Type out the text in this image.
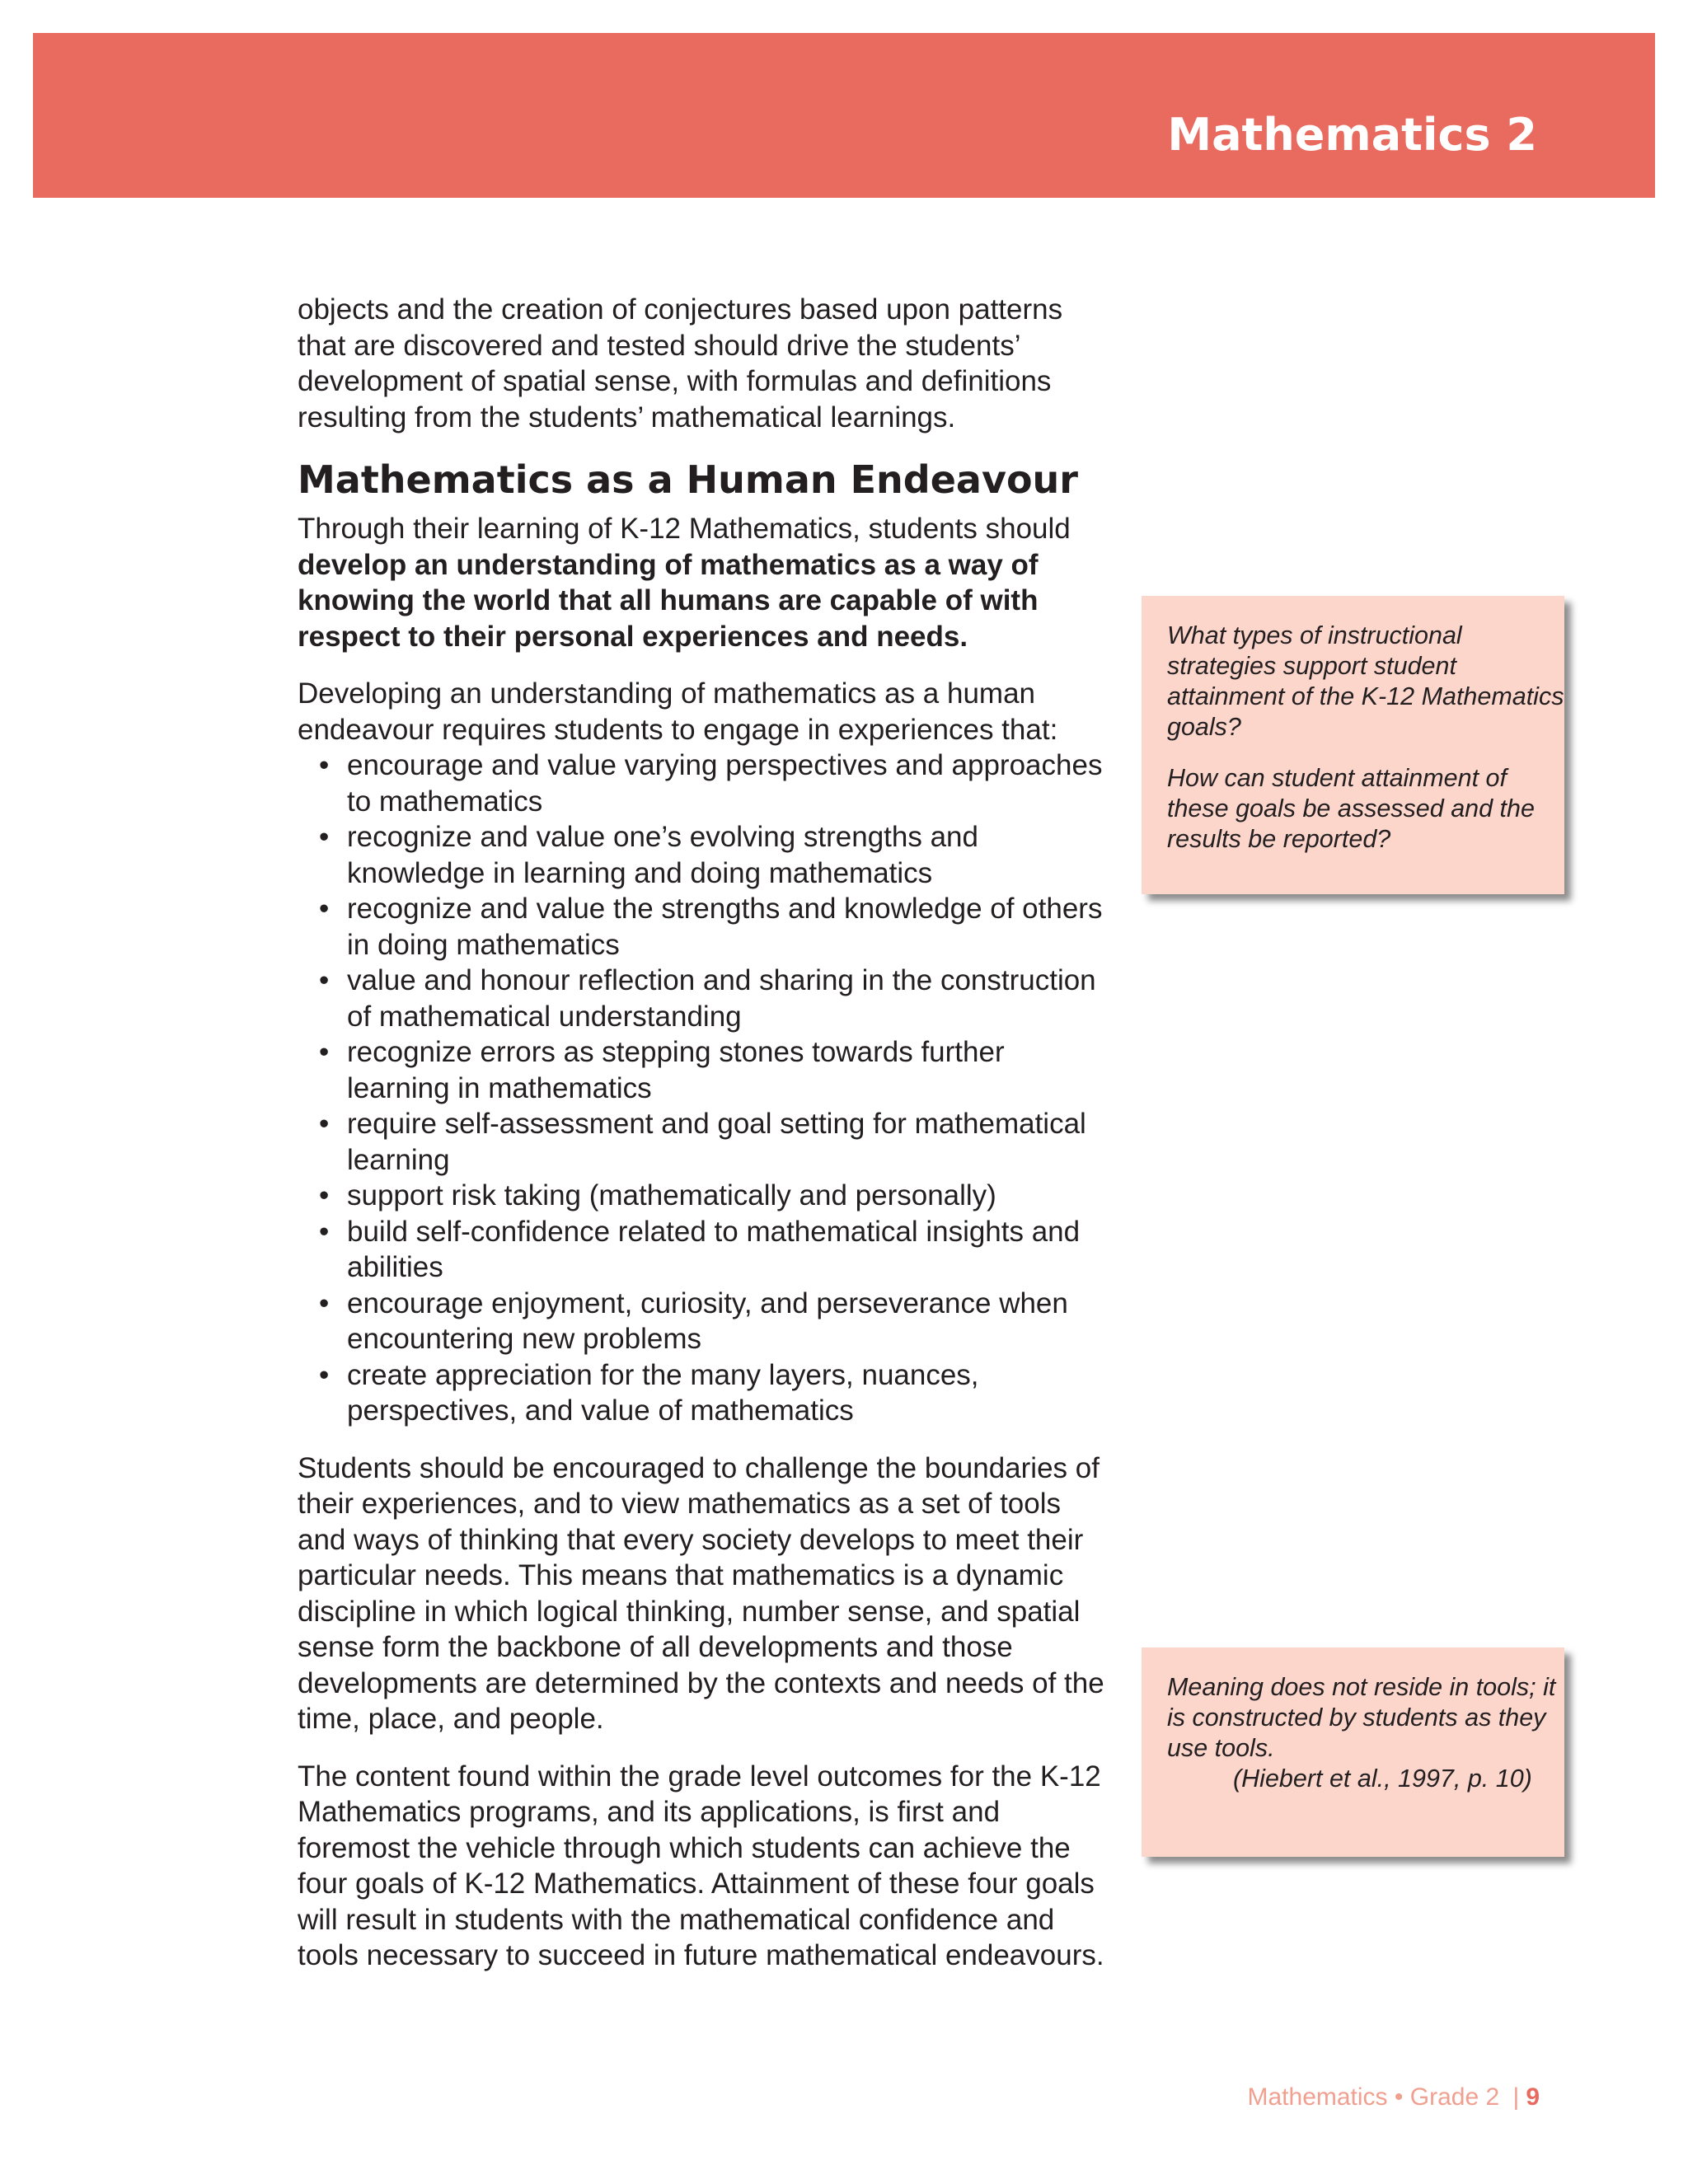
Mathematics 2

objects and the creation of conjectures based upon patterns that are discovered and tested should drive the students’ development of spatial sense, with formulas and definitions resulting from the students’ mathematical learnings.

Mathematics as a Human Endeavour

Through their learning of K-12 Mathematics, students should develop an understanding of mathematics as a way of knowing the world that all humans are capable of with respect to their personal experiences and needs.

Developing an understanding of mathematics as a human endeavour requires students to engage in experiences that:

• encourage and value varying perspectives and approaches to mathematics
• recognize and value one’s evolving strengths and knowledge in learning and doing mathematics
• recognize and value the strengths and knowledge of others in doing mathematics
• value and honour reflection and sharing in the construction of mathematical understanding
• recognize errors as stepping stones towards further learning in mathematics
• require self-assessment and goal setting for mathematical learning
• support risk taking (mathematically and personally)
• build self-confidence related to mathematical insights and abilities
• encourage enjoyment, curiosity, and perseverance when encountering new problems
• create appreciation for the many layers, nuances, perspectives, and value of mathematics

Students should be encouraged to challenge the boundaries of their experiences, and to view mathematics as a set of tools and ways of thinking that every society develops to meet their particular needs. This means that mathematics is a dynamic discipline in which logical thinking, number sense, and spatial sense form the backbone of all developments and those developments are determined by the contexts and needs of the time, place, and people.

The content found within the grade level outcomes for the K-12 Mathematics programs, and its applications, is first and foremost the vehicle through which students can achieve the four goals of K-12 Mathematics. Attainment of these four goals will result in students with the mathematical confidence and tools necessary to succeed in future mathematical endeavours.

What types of instructional strategies support student attainment of the K-12 Mathematics goals?

How can student attainment of these goals be assessed and the results be reported?

Meaning does not reside in tools; it is constructed by students as they use tools.
(Hiebert et al., 1997, p. 10)

Mathematics • Grade 2 | 9
